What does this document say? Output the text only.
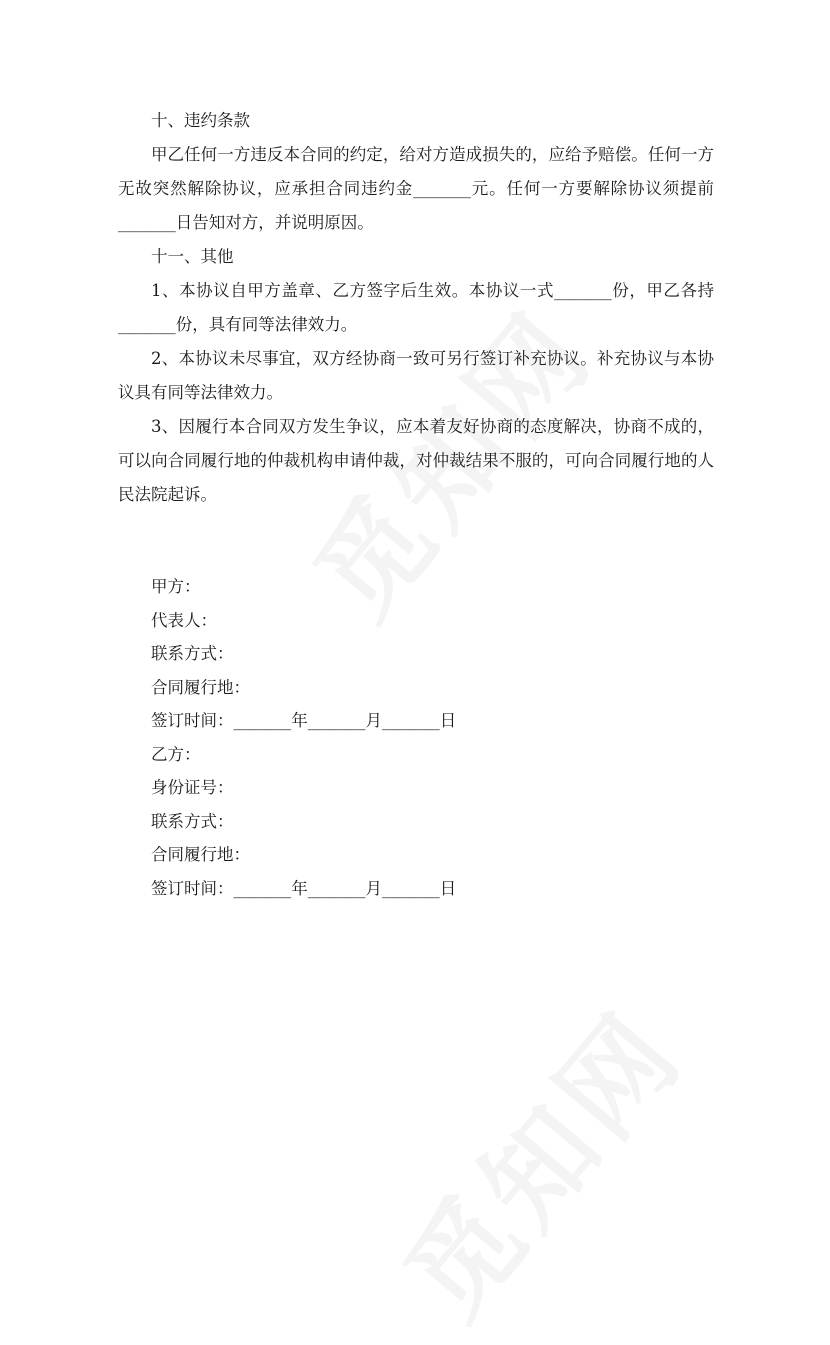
十、违约条款
甲乙任何一方违反本合同的约定，给对方造成损失的，应给予赔偿。任何一方
无故突然解除协议，应承担合同违约金_______元。任何一方要解除协议须提前
_______日告知对方，并说明原因。
十一、其他
1、本协议自甲方盖章、乙方签字后生效。本协议一式_______份，甲乙各持
_______份，具有同等法律效力。
2、本协议未尽事宜，双方经协商一致可另行签订补充协议。补充协议与本协
议具有同等法律效力。
3、因履行本合同双方发生争议，应本着友好协商的态度解决，协商不成的，
可以向合同履行地的仲裁机构申请仲裁，对仲裁结果不服的，可向合同履行地的人
民法院起诉。
甲方：
代表人：
联系方式：
合同履行地：
签订时间：_______年_______月_______日
乙方：
身份证号：
联系方式：
合同履行地：
签订时间：_______年_______月_______日
